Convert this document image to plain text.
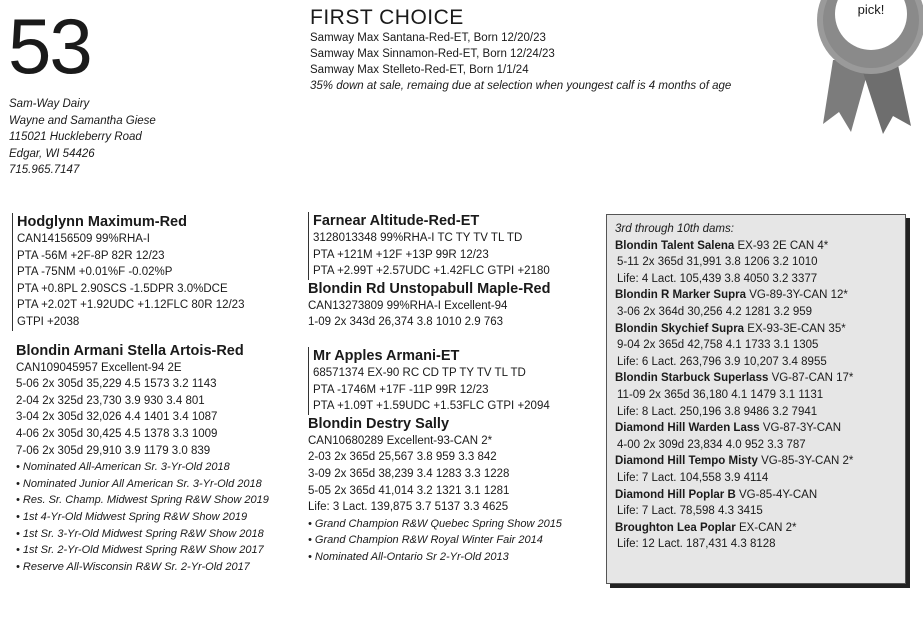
53
Sam-Way Dairy
Wayne and Samantha Giese
115021 Huckleberry Road
Edgar, WI 54426
715.965.7147
FIRST CHOICE
Samway Max Santana-Red-ET, Born 12/20/23
Samway Max Sinnamon-Red-ET, Born 12/24/23
Samway Max Stelleto-Red-ET, Born 1/1/24
35% down at sale, remaing due at selection when youngest calf is 4 months of age
pick!
Hodglynn Maximum-Red
CAN14156509 99%RHA-I
PTA -56M +2F-8P 82R 12/23
PTA -75NM +0.01%F -0.02%P
PTA +0.8PL 2.90SCS -1.5DPR 3.0%DCE
PTA +2.02T +1.92UDC +1.12FLC 80R 12/23
GTPI +2038
Blondin Armani Stella Artois-Red
CAN109045957 Excellent-94 2E
5-06 2x 305d 35,229 4.5 1573 3.2 1143
2-04 2x 325d 23,730 3.9 930 3.4 801
3-04 2x 305d 32,026 4.4 1401 3.4 1087
4-06 2x 305d 30,425 4.5 1378 3.3 1009
7-06 2x 305d 29,910 3.9 1179 3.0 839
• Nominated All-American Sr. 3-Yr-Old 2018
• Nominated Junior All American Sr. 3-Yr-Old 2018
• Res. Sr. Champ. Midwest Spring R&W Show 2019
• 1st 4-Yr-Old Midwest Spring R&W Show 2019
• 1st Sr. 3-Yr-Old Midwest Spring R&W Show 2018
• 1st Sr. 2-Yr-Old Midwest Spring R&W Show 2017
• Reserve All-Wisconsin R&W Sr. 2-Yr-Old 2017
Farnear Altitude-Red-ET
3128013348 99%RHA-I TC TY TV TL TD
PTA +121M +12F +13P 99R 12/23
PTA +2.99T +2.57UDC +1.42FLC GTPI +2180
Blondin Rd Unstopabull Maple-Red
CAN13273809 99%RHA-I Excellent-94
1-09 2x 343d 26,374 3.8 1010 2.9 763
Mr Apples Armani-ET
68571374 EX-90 RC CD TP TY TV TL TD
PTA -1746M +17F -11P 99R 12/23
PTA +1.09T +1.59UDC +1.53FLC GTPI +2094
Blondin Destry Sally
CAN10680289 Excellent-93-CAN 2*
2-03 2x 365d 25,567 3.8 959 3.3 842
3-09 2x 365d 38,239 3.4 1283 3.3 1228
5-05 2x 365d 41,014 3.2 1321 3.1 1281
Life: 3 Lact. 139,875 3.7 5137 3.3 4625
• Grand Champion R&W Quebec Spring Show 2015
• Grand Champion R&W Royal Winter Fair 2014
• Nominated All-Ontario Sr 2-Yr-Old 2013
3rd through 10th dams:
Blondin Talent Salena EX-93 2E CAN 4*
5-11 2x 365d 31,991 3.8 1206 3.2 1010
Life: 4 Lact. 105,439 3.8 4050 3.2 3377
Blondin R Marker Supra VG-89-3Y-CAN 12*
3-06 2x 364d 30,256 4.2 1281 3.2 959
Blondin Skychief Supra EX-93-3E-CAN 35*
9-04 2x 365d 42,758 4.1 1733 3.1 1305
Life: 6 Lact. 263,796 3.9 10,207 3.4 8955
Blondin Starbuck Superlass VG-87-CAN 17*
11-09 2x 365d 36,180 4.1 1479 3.1 1131
Life: 8 Lact. 250,196 3.8 9486 3.2 7941
Diamond Hill Warden Lass VG-87-3Y-CAN
4-00 2x 309d 23,834 4.0 952 3.3 787
Diamond Hill Tempo Misty VG-85-3Y-CAN 2*
Life: 7 Lact. 104,558 3.9 4114
Diamond Hill Poplar B VG-85-4Y-CAN
Life: 7 Lact. 78,598 4.3 3415
Broughton Lea Poplar EX-CAN 2*
Life: 12 Lact. 187,431 4.3 8128
